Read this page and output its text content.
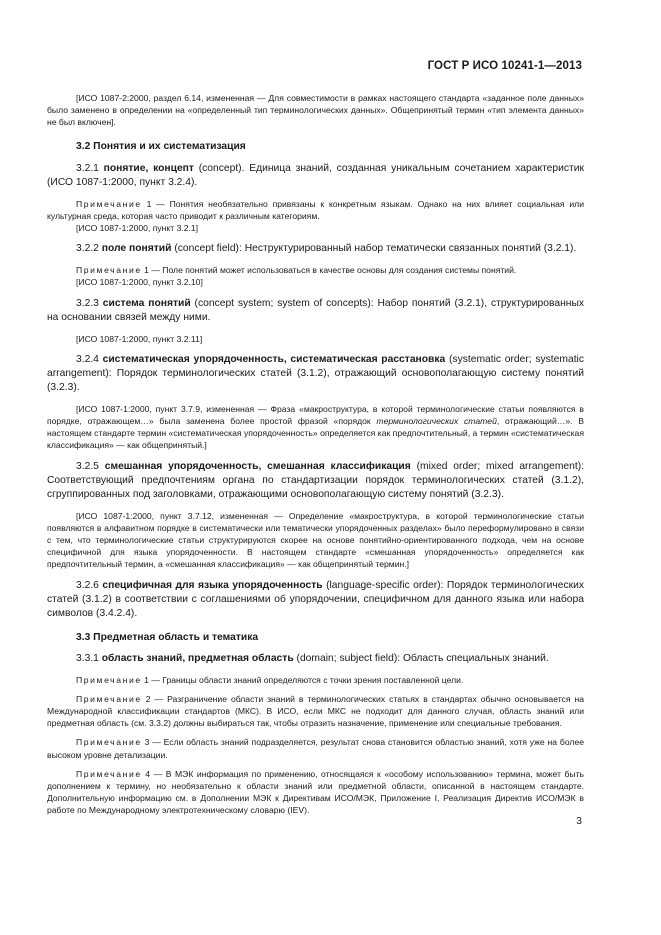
ГОСТ Р ИСО 10241-1—2013

[ИСО 1087-2:2000, раздел 6.14, измененная — Для совместимости в рамках настоящего стандарта «заданное поле данных» было заменено в определении на «определенный тип терминологических данных». Общепринятый термин «тип элемента данных» не был включен].

3.2 Понятия и их систематизация

3.2.1 понятие, концепт (concept). Единица знаний, созданная уникальным сочетанием характеристик (ИСО 1087-1:2000, пункт 3.2.4).

Примечание 1 — Понятия необязательно привязаны к конкретным языкам. Однако на них влияет социальная или культурная среда, которая часто приводит к различным категориям.

[ИСО 1087-1:2000, пункт 3.2.1]

3.2.2 поле понятий (concept field): Неструктурированный набор тематически связанных понятий (3.2.1).

Примечание 1 — Поле понятий может использоваться в качестве основы для создания системы понятий.

[ИСО 1087-1:2000, пункт 3.2.10]

3.2.3 система понятий (concept system; system of concepts): Набор понятий (3.2.1), структурированных на основании связей между ними.

[ИСО 1087-1:2000, пункт 3.2.11]

3.2.4 систематическая упорядоченность, систематическая расстановка (systematic order; systematic arrangement): Порядок терминологических статей (3.1.2), отражающий основополагающую систему понятий (3.2.3).

[ИСО 1087-1:2000, пункт 3.7.9, измененная — Фраза «макроструктура, в которой терминологические статьи появляются в порядке, отражающем…» была заменена более простой фразой «порядок терминологических статей, отражающий…». В настоящем стандарте термин «систематическая упорядоченность» определяется как предпочтительный, а термин «систематическая классификация» — как общепринятый.]

3.2.5 смешанная упорядоченность, смешанная классификация (mixed order; mixed arrangement): Соответствующий предпочтениям органа по стандартизации порядок терминологических статей (3.1.2), сгруппированных под заголовками, отражающими основополагающую систему понятий (3.2.3).

[ИСО 1087-1:2000, пункт 3.7.12, измененная — Определение «макроструктура, в которой терминологические статьи появляются в алфавитном порядке в систематически или тематически упорядоченных разделах» было переформулировано в связи с тем, что терминологические статьи структурируются скорее на основе понятийно-ориентированного подхода, чем на основе специфичной для языка упорядоченности. В настоящем стандарте «смешанная упорядоченность» определяется как предпочтительный термин, а «смешанная классификация» — как общепринятый термин.]

3.2.6 специфичная для языка упорядоченность (language-specific order): Порядок терминологических статей (3.1.2) в соответствии с соглашениями об упорядочении, специфичном для данного языка или набора символов (3.4.2.4).

3.3 Предметная область и тематика

3.3.1 область знаний, предметная область (domain; subject field): Область специальных знаний.

Примечание 1 — Границы области знаний определяются с точки зрения поставленной цели.

Примечание 2 — Разграничение области знаний в терминологических статьях в стандартах обычно основывается на Международной классификации стандартов (МКС). В ИСО, если МКС не подходит для данного случая, область знаний или предметная область (см. 3.3.2) должны выбираться так, чтобы отразить назначение, применение или специальные требования.

Примечание 3 — Если область знаний подразделяется, результат снова становится областью знаний, хотя уже на более высоком уровне детализации.

Примечание 4 — В МЭК информация по применению, относящаяся к «особому использованию» термина, может быть дополнением к термину, но необязательно к области знаний или предметной области, описанной в настоящем стандарте. Дополнительную информацию см. в Дополнении МЭК к Директивам ИСО/МЭК, Приложение I, Реализация Директив ИСО/МЭК в работе по Международному электротехническому словарю (IEV).

3
